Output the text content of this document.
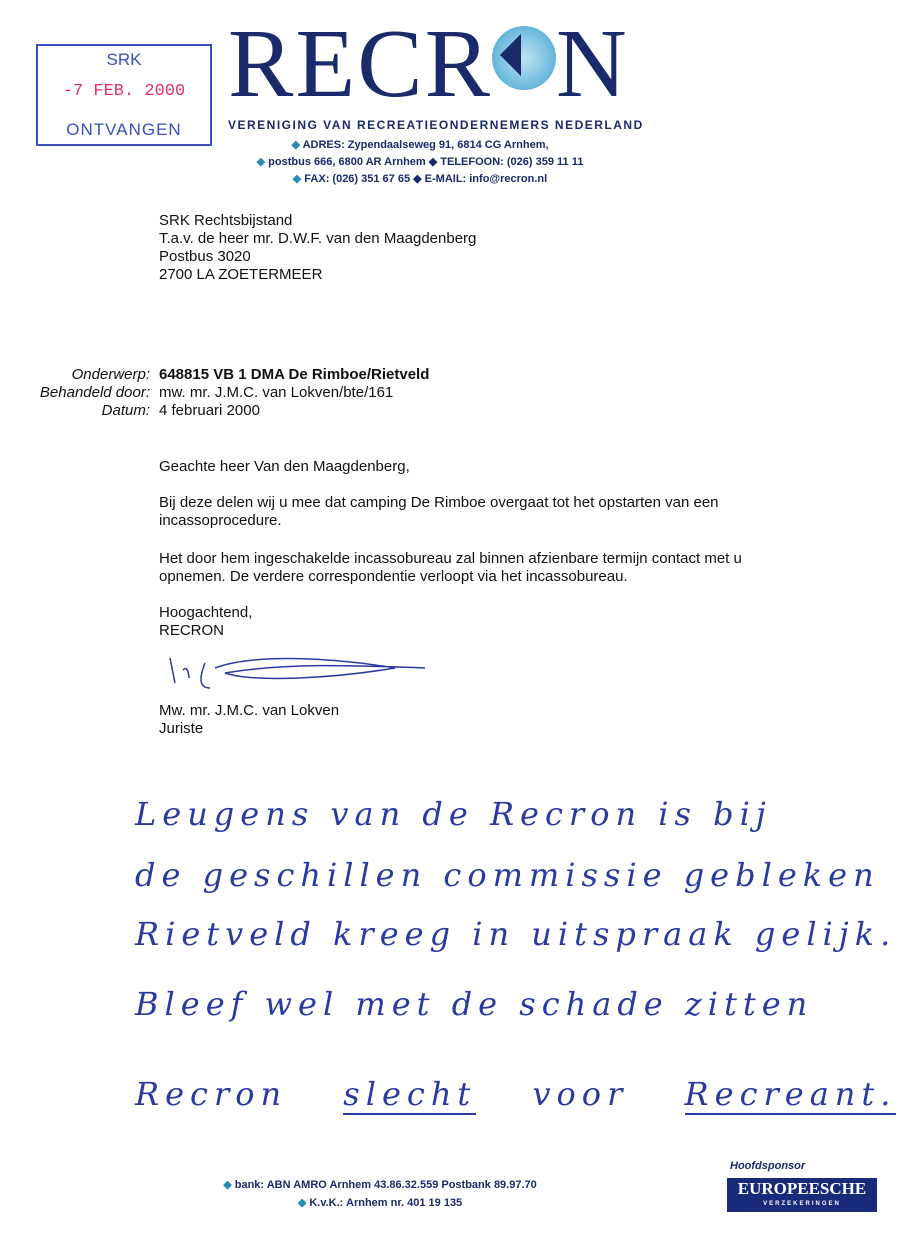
SRK
-7 FEB. 2000
ONTVANGEN
RECR N
VERENIGING VAN RECREATIEONDERNEMERS NEDERLAND
◆ ADRES: Zypendaalseweg 91, 6814 CG Arnhem,
◆ postbus 666, 6800 AR Arnhem ◆ TELEFOON: (026) 359 11 11
◆ FAX: (026) 351 67 65 ◆ E-MAIL: info@recron.nl
SRK Rechtsbijstand
T.a.v. de heer mr. D.W.F. van den Maagdenberg
Postbus 3020
2700 LA ZOETERMEER
Onderwerp: 648815 VB 1 DMA De Rimboe/Rietveld
Behandeld door: mw. mr. J.M.C. van Lokven/bte/161
Datum: 4 februari 2000
Geachte heer Van den Maagdenberg,
Bij deze delen wij u mee dat camping De Rimboe overgaat tot het opstarten van een incassoprocedure.
Het door hem ingeschakelde incassobureau zal binnen afzienbare termijn contact met u opnemen. De verdere correspondentie verloopt via het incassobureau.
Hoogachtend,
RECRON
Mw. mr. J.M.C. van Lokven
Juriste
Leugens van de Recron is bij
de geschillen commissie gebleken
Rietveld kreeg in uitspraak gelijk.
Bleef wel met de schade zitten
Recron slecht voor Recreant.
◆ bank: ABN AMRO Arnhem 43.86.32.559 Postbank 89.97.70
◆ K.v.K.: Arnhem nr. 401 19 135
Hoofdsponsor
EUROPEESCHE
VERZEKERINGEN
